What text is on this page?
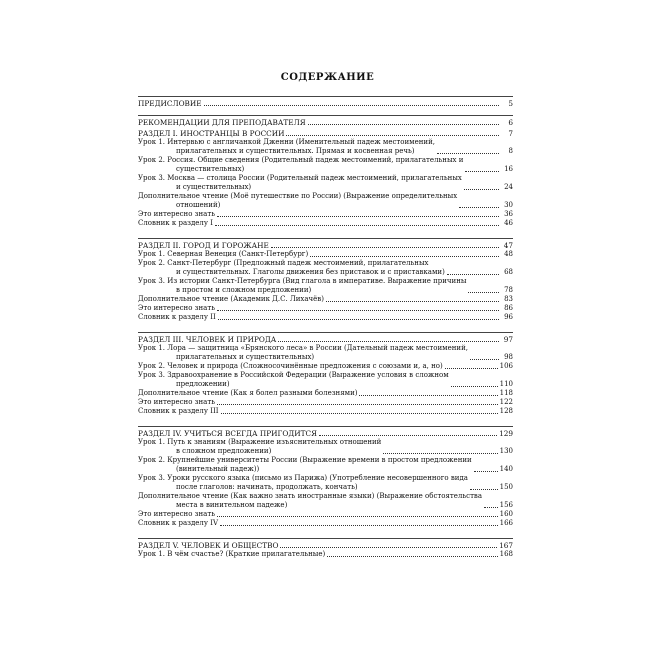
СОДЕРЖАНИЕ
ПРЕДИСЛОВИЕ	5
РЕКОМЕНДАЦИИ ДЛЯ ПРЕПОДАВАТЕЛЯ	6
РАЗДЕЛ I. ИНОСТРАНЦЫ В РОССИИ	7
Урок 1. Интервью с англичанкой Дженни (Именительный падеж местоимений,
прилагательных и существительных. Прямая и косвенная речь)	8
Урок 2. Россия. Общие сведения (Родительный падеж местоимений, прилагательных и
существительных)	16
Урок 3. Москва — столица России (Родительный падеж местоимений, прилагательных
и существительных)	24
Дополнительное чтение (Моё путешествие по России) (Выражение определительных
отношений)	30
Это интересно знать	36
Словник к разделу I	46
РАЗДЕЛ II. ГОРОД И ГОРОЖАНЕ	47
Урок 1. Северная Венеция (Санкт-Петербург)	48
Урок 2. Санкт-Петербург (Предложный падеж местоимений, прилагательных
и существительных. Глаголы движения без приставок и с приставками)	68
Урок 3. Из истории Санкт-Петербурга (Вид глагола в императиве. Выражение причины
в простом и сложном предложении)	78
Дополнительное чтение (Академик Д.С. Лихачёв)	83
Это интересно знать	86
Словник к разделу II	96
РАЗДЕЛ III. ЧЕЛОВЕК И ПРИРОДА	97
Урок 1. Лора — защитница «Брянского леса» в России (Дательный падеж местоимений,
прилагательных и существительных)	98
Урок 2. Человек и природа (Сложносочинённые предложения с союзами и, а, но)	106
Урок 3. Здравоохранение в Российской Федерации (Выражение условия в сложном
предложении)	110
Дополнительное чтение (Как я болел разными болезнями)	118
Это интересно знать	122
Словник к разделу III	128
РАЗДЕЛ IV. УЧИТЬСЯ ВСЕГДА ПРИГОДИТСЯ	129
Урок 1. Путь к знаниям (Выражение изъяснительных отношений
в сложном предложении)	130
Урок 2. Крупнейшие университеты России (Выражение времени в простом предложении
(винительный падеж))	140
Урок 3. Уроки русского языка (письмо из Парижа) (Употребление несовершенного вида
после глаголов: начинать, продолжать, кончать)	150
Дополнительное чтение (Как важно знать иностранные языки) (Выражение обстоятельства
места в винительном падеже)	156
Это интересно знать	160
Словник к разделу IV	166
РАЗДЕЛ V. ЧЕЛОВЕК И ОБЩЕСТВО	167
Урок 1. В чём счастье? (Краткие прилагательные)	168
